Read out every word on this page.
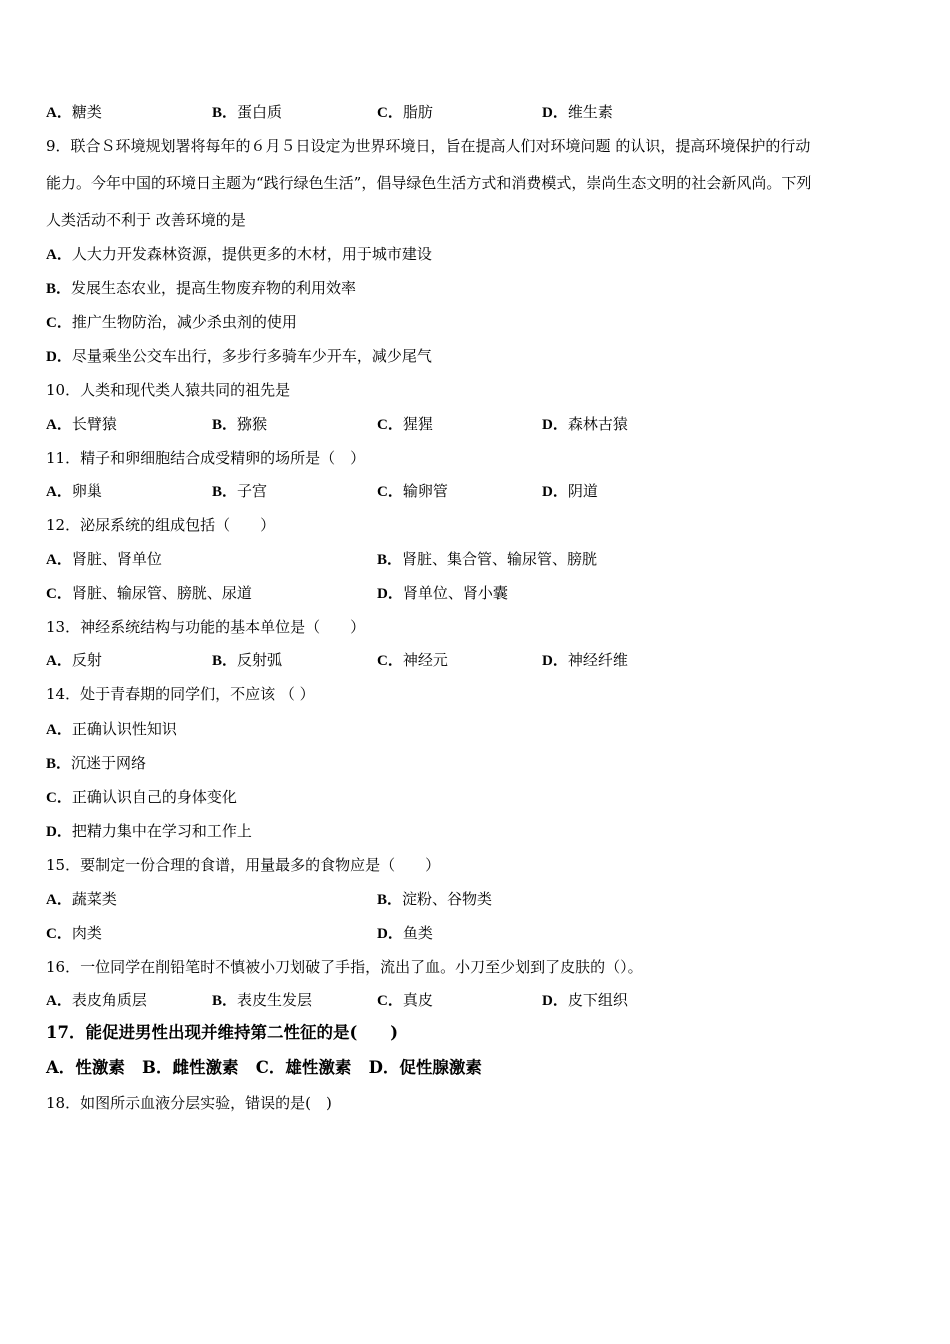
A．糖类	B．蛋白质	C．脂肪	D．维生素
9．联合Ｓ环境规划署将每年的６月５日设定为世界环境日，旨在提高人们对环境问题 的认识，提高环境保护的行动
能力。今年中国的环境日主题为“践行绿色生活”，倡导绿色生活方式和消费模式，崇尚生态文明的社会新风尚。下列
人类活动不利于 改善环境的是
A．人大力开发森林资源，提供更多的木材，用于城市建设
B．发展生态农业，提高生物废弃物的利用效率
C．推广生物防治，减少杀虫剂的使用
D．尽量乘坐公交车出行，多步行多骑车少开车，减少尾气
10．人类和现代类人猿共同的祖先是
A．长臂猿	B．猕猴	C．猩猩	D．森林古猿
11．精子和卵细胞结合成受精卵的场所是（　）
A．卵巢	B．子宫	C．输卵管	D．阴道
12．泌尿系统的组成包括（　　）
A．肾脏、肾单位	B．肾脏、集合管、输尿管、膀胱
C．肾脏、输尿管、膀胱、尿道	D．肾单位、肾小囊
13．神经系统结构与功能的基本单位是（　　）
A．反射	B．反射弧	C．神经元	D．神经纤维
14．处于青春期的同学们，不应该 （ ）
A．正确认识性知识
B．沉迷于网络
C．正确认识自己的身体变化
D．把精力集中在学习和工作上
15．要制定一份合理的食谱，用量最多的食物应是（　　）
A．蔬菜类	B．淀粉、谷物类
C．肉类	D．鱼类
16．一位同学在削铅笔时不慎被小刀划破了手指，流出了血。小刀至少划到了皮肤的（）。
A．表皮角质层	B．表皮生发层	C．真皮	D．皮下组织
17．能促进男性出现并维持第二性征的是(　　)
A．性激素 B．雌性激素 C．雄性激素 D．促性腺激素
18．如图所示血液分层实验，错误的是(　)
